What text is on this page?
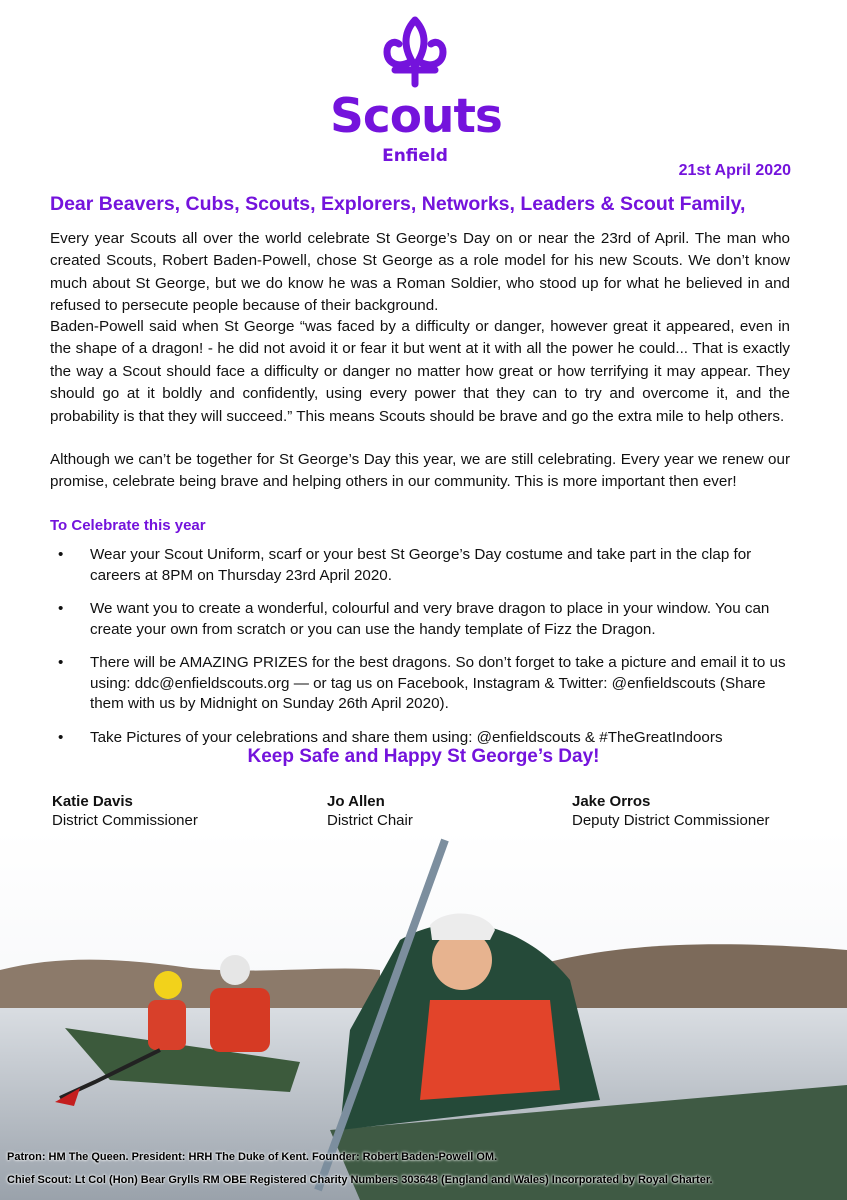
Scouts
Enfield
21st April 2020
Dear Beavers, Cubs, Scouts, Explorers, Networks, Leaders & Scout Family,

Every year Scouts all over the world celebrate St George’s Day on or near the 23rd of April. The man who created Scouts, Robert Baden-Powell, chose St George as a role model for his new Scouts. We don’t know much about St George, but we do know he was a Roman Soldier, who stood up for what he believed in and refused to persecute people because of their background.

Baden-Powell said when St George “was faced by a difficulty or danger, however great it appeared, even in the shape of a dragon! - he did not avoid it or fear it but went at it with all the power he could... That is exactly the way a Scout should face a difficulty or danger no matter how great or how terrifying it may appear. They should go at it boldly and confidently, using every power that they can to try and overcome it, and the probability is that they will succeed.” This means Scouts should be brave and go the extra mile to help others.

Although we can’t be together for St George’s Day this year, we are still celebrating. Every year we renew our promise, celebrate being brave and helping others in our community. This is more important then ever!

To Celebrate this year
• Wear your Scout Uniform, scarf or your best St George’s Day costume and take part in the clap for careers at 8PM on Thursday 23rd April 2020.
• We want you to create a wonderful, colourful and very brave dragon to place in your window. You can create your own from scratch or you can use the handy template of Fizz the Dragon.
• There will be AMAZING PRIZES for the best dragons. So don’t forget to take a picture and email it to us using: ddc@enfieldscouts.org — or tag us on Facebook, Instagram & Twitter: @enfieldscouts (Share them with us by Midnight on Sunday 26th April 2020).
• Take Pictures of your celebrations and share them using: @enfieldscouts & #TheGreatIndoors
Keep Safe and Happy St George’s Day!
Katie Davis
District Commissioner
Jo Allen
District Chair
Jake Orros
Deputy District Commissioner
Patron: HM The Queen. President: HRH The Duke of Kent. Founder: Robert Baden-Powell OM.
Chief Scout: Lt Col (Hon) Bear Grylls RM OBE Registered Charity Numbers 303648 (England and Wales) Incorporated by Royal Charter.
